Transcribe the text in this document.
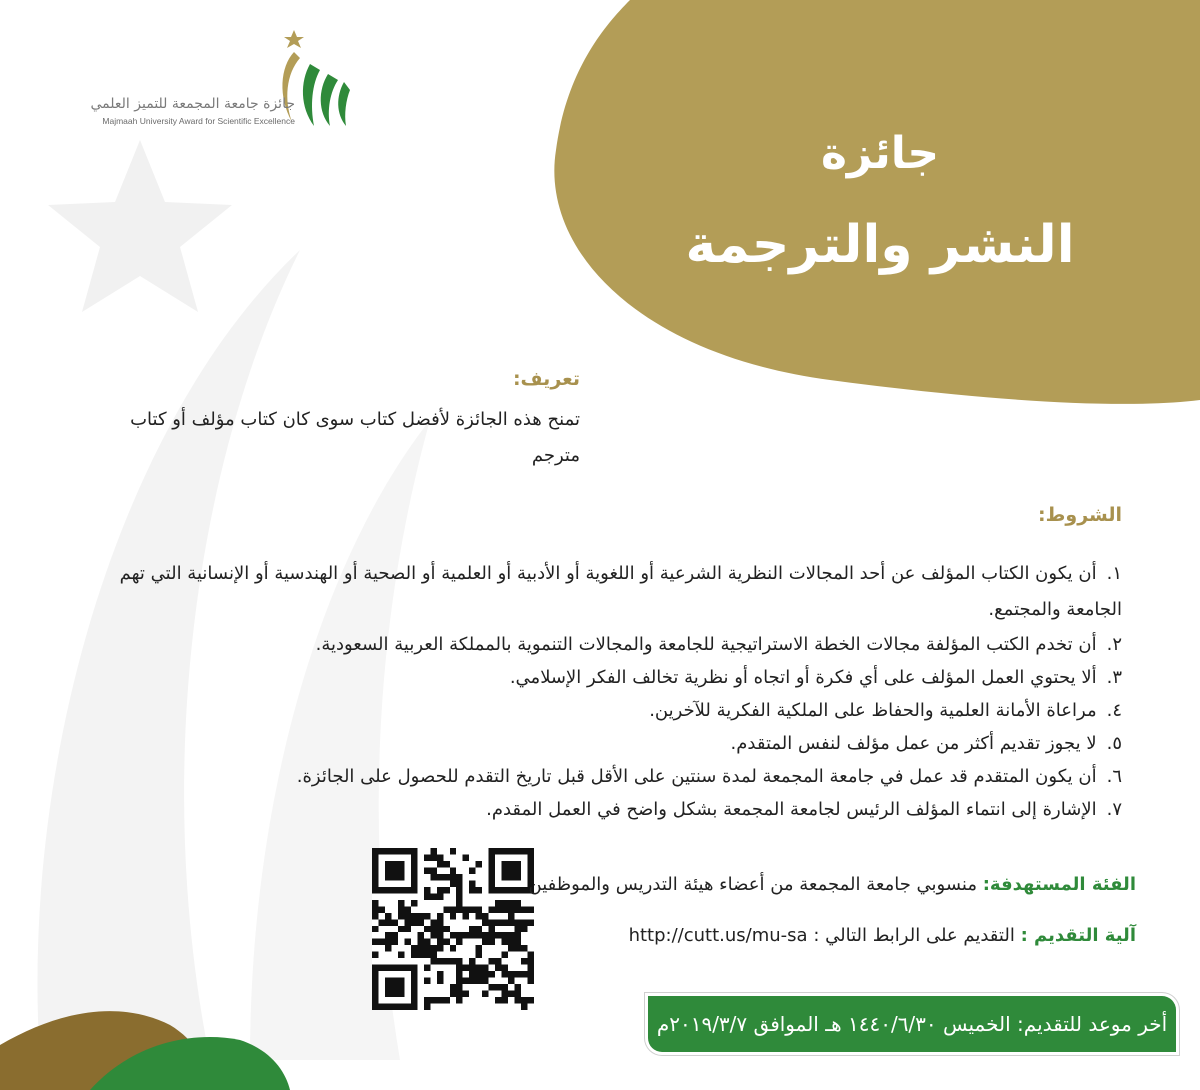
جائزة جامعة المجمعة للتميز العلمي
Majmaah University Award for Scientific Excellence
جائزة
النشر والترجمة
تعريف:
تمنح هذه الجائزة لأفضل كتاب سوى كان كتاب مؤلف أو كتاب مترجم
الشروط:
١.أن يكون الكتاب المؤلف عن أحد المجالات النظرية الشرعية أو اللغوية أو الأدبية أو العلمية أو الصحية أو الهندسية أو الإنسانية التي تهم الجامعة والمجتمع.
٢.أن تخدم الكتب المؤلفة مجالات الخطة الاستراتيجية للجامعة والمجالات التنموية بالمملكة العربية السعودية.
٣.ألا يحتوي العمل المؤلف على أي فكرة أو اتجاه أو نظرية تخالف الفكر الإسلامي.
٤.مراعاة الأمانة العلمية والحفاظ على الملكية الفكرية للآخرين.
٥.لا يجوز تقديم أكثر من عمل مؤلف لنفس المتقدم.
٦.أن يكون المتقدم قد عمل في جامعة المجمعة لمدة سنتين على الأقل قبل تاريخ التقدم للحصول على الجائزة.
٧.الإشارة إلى انتماء المؤلف الرئيس لجامعة المجمعة بشكل واضح في العمل المقدم.
الفئة المستهدفة: منسوبي جامعة المجمعة من أعضاء هيئة التدريس والموظفين
آلية التقديم : التقديم على الرابط التالي : http://cutt.us/mu-sa
أخر موعد للتقديم: الخميس ١٤٤٠/٦/٣٠ هـ الموافق ٢٠١٩/٣/٧م
